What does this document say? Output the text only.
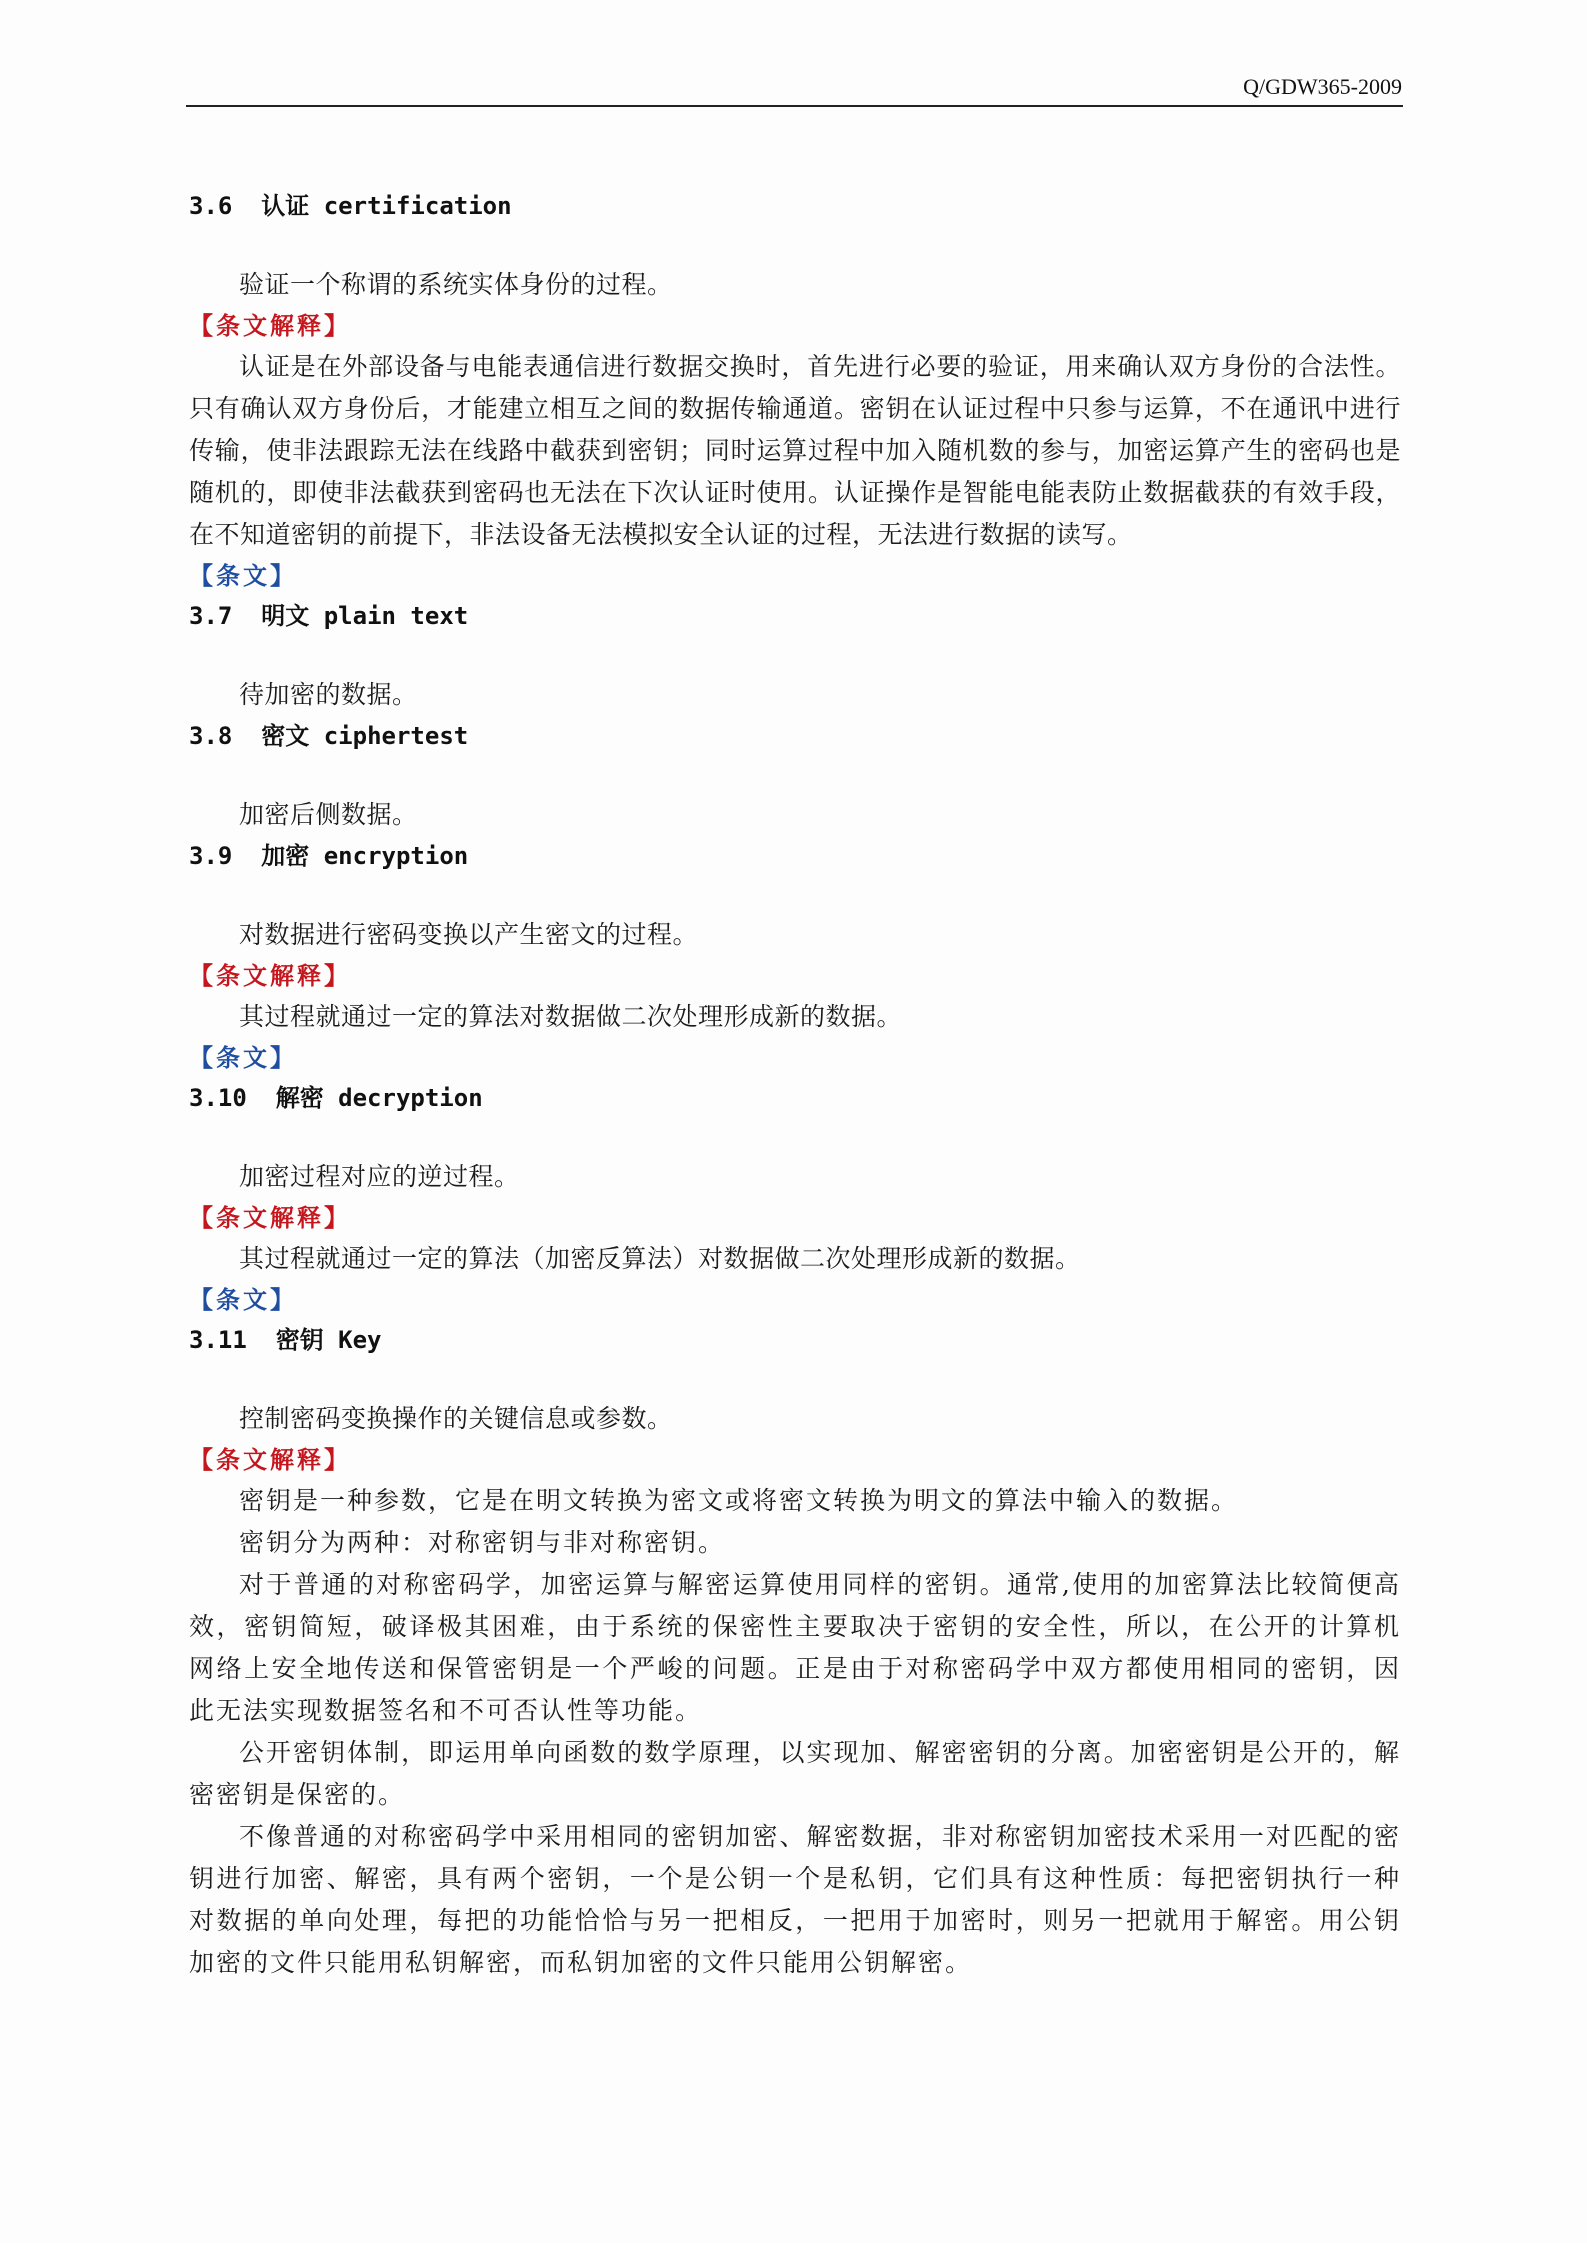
Q/GDW365-2009
3.6 认证 certification

验证一个称谓的系统实体身份的过程。

【条文解释】

认证是在外部设备与电能表通信进行数据交换时，首先进行必要的验证，用来确认双方身份的合法性。只有确认双方身份后，才能建立相互之间的数据传输通道。密钥在认证过程中只参与运算，不在通讯中进行传输，使非法跟踪无法在线路中截获到密钥；同时运算过程中加入随机数的参与，加密运算产生的密码也是随机的，即使非法截获到密码也无法在下次认证时使用。认证操作是智能电能表防止数据截获的有效手段，在不知道密钥的前提下，非法设备无法模拟安全认证的过程，无法进行数据的读写。

【条文】
3.7 明文 plain text

待加密的数据。

3.8 密文 ciphertest

加密后侧数据。

3.9 加密 encryption

对数据进行密码变换以产生密文的过程。

【条文解释】

其过程就通过一定的算法对数据做二次处理形成新的数据。

【条文】
3.10 解密 decryption

加密过程对应的逆过程。

【条文解释】

其过程就通过一定的算法（加密反算法）对数据做二次处理形成新的数据。

【条文】
3.11 密钥 Key

控制密码变换操作的关键信息或参数。

【条文解释】

密钥是一种参数，它是在明文转换为密文或将密文转换为明文的算法中输入的数据。

密钥分为两种：对称密钥与非对称密钥。

对于普通的对称密码学，加密运算与解密运算使用同样的密钥。通常,使用的加密算法比较简便高效，密钥简短，破译极其困难，由于系统的保密性主要取决于密钥的安全性，所以，在公开的计算机网络上安全地传送和保管密钥是一个严峻的问题。正是由于对称密码学中双方都使用相同的密钥，因此无法实现数据签名和不可否认性等功能。

公开密钥体制，即运用单向函数的数学原理，以实现加、解密密钥的分离。加密密钥是公开的，解密密钥是保密的。

不像普通的对称密码学中采用相同的密钥加密、解密数据，非对称密钥加密技术采用一对匹配的密钥进行加密、解密，具有两个密钥，一个是公钥一个是私钥，它们具有这种性质：每把密钥执行一种对数据的单向处理，每把的功能恰恰与另一把相反，一把用于加密时，则另一把就用于解密。用公钥加密的文件只能用私钥解密，而私钥加密的文件只能用公钥解密。
